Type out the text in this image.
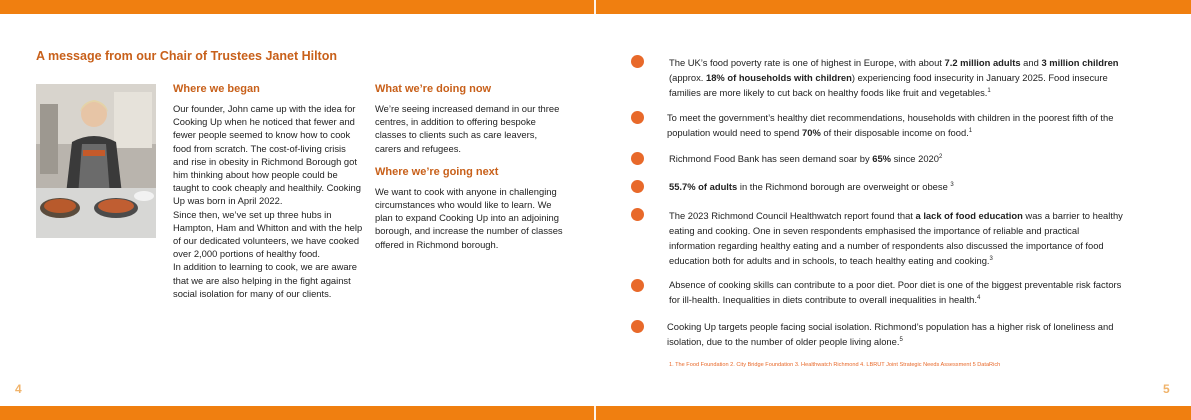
A message from our Chair of Trustees Janet Hilton
Where we began

Our founder, John came up with the idea for Cooking Up when he noticed that fewer and fewer people seemed to know how to cook food from scratch. The cost-of-living crisis and rise in obesity in Richmond Borough got him thinking about how people could be taught to cook cheaply and healthily. Cooking Up was born in April 2022.
Since then, we’ve set up three hubs in Hampton, Ham and Whitton and with the help of our dedicated volunteers, we have cooked over 2,000 portions of healthy food.
In addition to learning to cook, we are aware that we are also helping in the fight against social isolation for many of our clients.

What we’re doing now

We’re seeing increased demand in our three centres, in addition to offering bespoke classes to clients such as care leavers, carers and refugees.

Where we’re going next

We want to cook with anyone in challenging circumstances who would like to learn. We plan to expand Cooking Up into an adjoining borough, and increase the number of classes offered in Richmond borough.

4
The UK’s food poverty rate is one of highest in Europe, with about 7.2 million adults and 3 million children (approx. 18% of households with children) experiencing food insecurity in January 2025. Food insecure families are more likely to cut back on healthy foods like fruit and vegetables.$^1$
To meet the government’s healthy diet recommendations, households with children in the poorest fifth of the population would need to spend 70% of their disposable income on food.$^1$
Richmond Food Bank has seen demand soar by 65% since 2020$^2$
55.7% of adults in the Richmond borough are overweight or obese $^3$
The 2023 Richmond Council Healthwatch report found that a lack of food education was a barrier to healthy eating and cooking. One in seven respondents emphasised the importance of reliable and practical information regarding healthy eating and a number of respondents also discussed the importance of food education both for adults and in schools, to teach healthy eating and cooking.$^3$
Absence of cooking skills can contribute to a poor diet. Poor diet is one of the biggest preventable risk factors for ill-health. Inequalities in diets contribute to overall inequalities in health.$^4$
Cooking Up targets people facing social isolation. Richmond’s population has a higher risk of loneliness and isolation, due to the number of older people living alone.$^5$
1. The Food Foundation 2. City Bridge Foundation 3. Healthwatch Richmond 4. LBRUT Joint Strategic Needs Assessment 5 DataRich
5
